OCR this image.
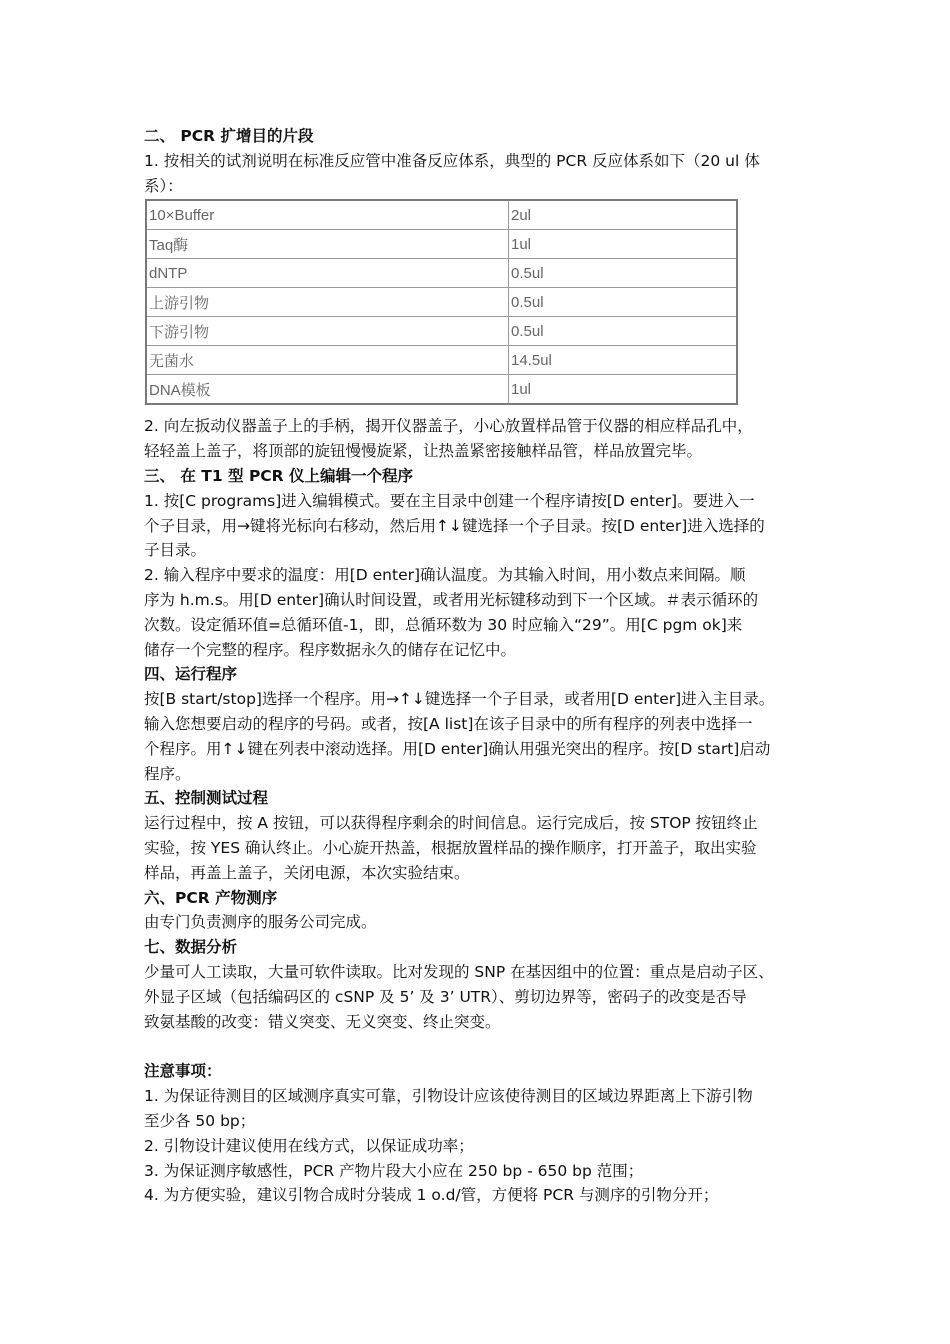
二、 PCR 扩增目的片段
1. 按相关的试剂说明在标准反应管中准备反应体系，典型的 PCR 反应体系如下（20 ul 体
系）：
10×Buffer	2ul
Taq酶	1ul
dNTP	0.5ul
上游引物	0.5ul
下游引物	0.5ul
无菌水	14.5ul
DNA模板	1ul
2. 向左扳动仪器盖子上的手柄，揭开仪器盖子，小心放置样品管于仪器的相应样品孔中，
轻轻盖上盖子，将顶部的旋钮慢慢旋紧，让热盖紧密接触样品管，样品放置完毕。
三、 在 T1 型 PCR 仪上编辑一个程序
1. 按[C programs]进入编辑模式。要在主目录中创建一个程序请按[D enter]。要进入一
个子目录，用→键将光标向右移动，然后用↑↓键选择一个子目录。按[D enter]进入选择的
子目录。
2. 输入程序中要求的温度：用[D enter]确认温度。为其输入时间，用小数点来间隔。顺
序为 h.m.s。用[D enter]确认时间设置，或者用光标键移动到下一个区域。＃表示循环的
次数。设定循环值=总循环值-1，即，总循环数为 30 时应输入“29”。用[C pgm ok]来
储存一个完整的程序。程序数据永久的储存在记忆中。
四、运行程序
按[B start/stop]选择一个程序。用→↑↓键选择一个子目录，或者用[D enter]进入主目录。
输入您想要启动的程序的号码。或者，按[A list]在该子目录中的所有程序的列表中选择一
个程序。用↑↓键在列表中滚动选择。用[D enter]确认用强光突出的程序。按[D start]启动
程序。
五、控制测试过程
运行过程中，按 A 按钮，可以获得程序剩余的时间信息。运行完成后，按 STOP 按钮终止
实验，按 YES 确认终止。小心旋开热盖，根据放置样品的操作顺序，打开盖子，取出实验
样品，再盖上盖子，关闭电源，本次实验结束。
六、PCR 产物测序
由专门负责测序的服务公司完成。
七、数据分析
少量可人工读取，大量可软件读取。比对发现的 SNP 在基因组中的位置：重点是启动子区、
外显子区域（包括编码区的 cSNP 及 5’ 及 3’ UTR）、剪切边界等，密码子的改变是否导
致氨基酸的改变：错义突变、无义突变、终止突变。
注意事项：
1. 为保证待测目的区域测序真实可靠，引物设计应该使待测目的区域边界距离上下游引物
至少各 50 bp；
2. 引物设计建议使用在线方式，以保证成功率；
3. 为保证测序敏感性，PCR 产物片段大小应在 250 bp - 650 bp 范围；
4. 为方便实验，建议引物合成时分装成 1 o.d/管，方便将 PCR 与测序的引物分开；
